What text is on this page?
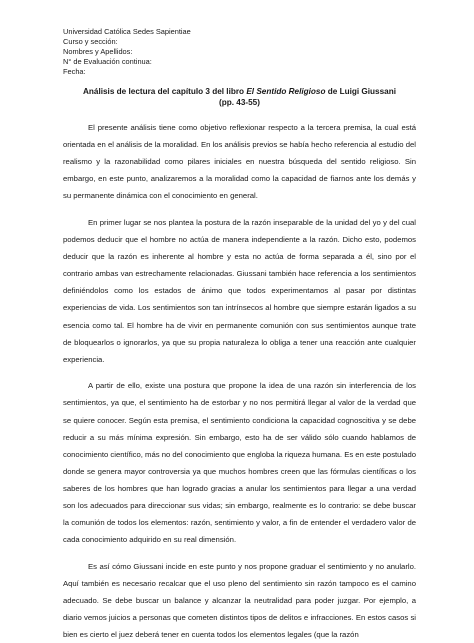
Universidad Católica Sedes Sapientiae
Curso y sección:
Nombres y Apellidos:
N° de Evaluación continua:
Fecha:
Análisis de lectura del capítulo 3 del libro El Sentido Religioso de Luigi Giussani
(pp. 43-55)

El presente análisis tiene como objetivo reflexionar respecto a la tercera premisa, la cual está orientada en el análisis de la moralidad. En los análisis previos se había hecho referencia al estudio del realismo y la razonabilidad como pilares iniciales en nuestra búsqueda del sentido religioso. Sin embargo, en este punto, analizaremos a la moralidad como la capacidad de fiarnos ante los demás y su permanente dinámica con el conocimiento en general.

En primer lugar se nos plantea la postura de la razón inseparable de la unidad del yo y del cual podemos deducir que el hombre no actúa de manera independiente a la razón. Dicho esto, podemos deducir que la razón es inherente al hombre y esta no actúa de forma separada a él, sino por el contrario ambas van estrechamente relacionadas. Giussani también hace referencia a los sentimientos definiéndolos como los estados de ánimo que todos experimentamos al pasar por distintas experiencias de vida. Los sentimientos son tan intrínsecos al hombre que siempre estarán ligados a su esencia como tal. El hombre ha de vivir en permanente comunión con sus sentimientos aunque trate de bloquearlos o ignorarlos, ya que su propia naturaleza lo obliga a tener una reacción ante cualquier experiencia.

A partir de ello, existe una postura que propone la idea de una razón sin interferencia de los sentimientos, ya que, el sentimiento ha de estorbar y no nos permitirá llegar al valor de la verdad que se quiere conocer. Según esta premisa, el sentimiento condiciona la capacidad cognoscitiva y se debe reducir a su más mínima expresión. Sin embargo, esto ha de ser válido sólo cuando hablamos de conocimiento científico, más no del conocimiento que engloba la riqueza humana. Es en este postulado donde se genera mayor controversia ya que muchos hombres creen que las fórmulas científicas o los saberes de los hombres que han logrado gracias a anular los sentimientos para llegar a una verdad son los adecuados para direccionar sus vidas; sin embargo, realmente es lo contrario: se debe buscar la comunión de todos los elementos: razón, sentimiento y valor, a fin de entender el verdadero valor de cada conocimiento adquirido en su real dimensión.

Es así cómo Giussani incide en este punto y nos propone graduar el sentimiento y no anularlo. Aquí también es necesario recalcar que el uso pleno del sentimiento sin razón tampoco es el camino adecuado. Se debe buscar un balance y alcanzar la neutralidad para poder juzgar. Por ejemplo, a diario vemos juicios a personas que cometen distintos tipos de delitos e infracciones. En estos casos si bien es cierto el juez deberá tener en cuenta todos los elementos legales (que la razón
